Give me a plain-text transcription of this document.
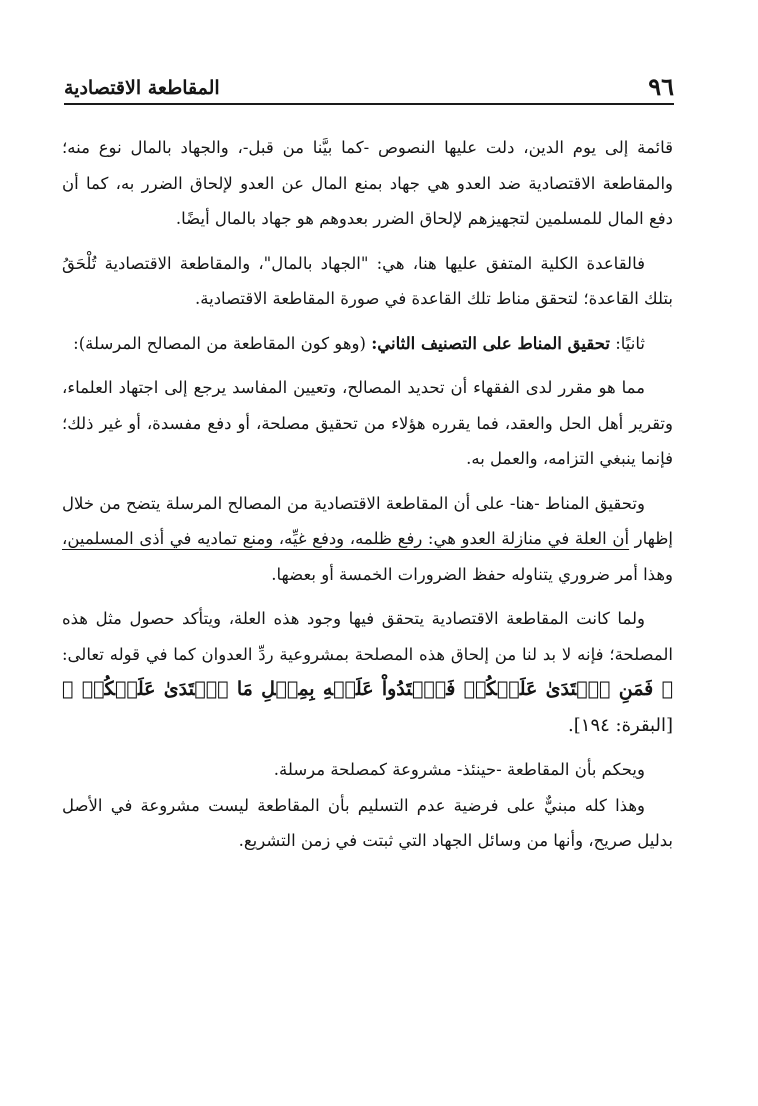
٩٦
المقاطعة الاقتصادية

قائمة إلى يوم الدين، دلت عليها النصوص -كما بيَّنا من قبل-، والجهاد بالمال نوع منه؛ والمقاطعة الاقتصادية ضد العدو هي جهاد بمنع المال عن العدو لإلحاق الضرر به، كما أن دفع المال للمسلمين لتجهيزهم لإلحاق الضرر بعدوهم هو جهاد بالمال أيضًا.

فالقاعدة الكلية المتفق عليها هنا، هي: "الجهاد بالمال"، والمقاطعة الاقتصادية تُلْحَقُ بتلك القاعدة؛ لتحقق مناط تلك القاعدة في صورة المقاطعة الاقتصادية.

ثانيًا: تحقيق المناط على التصنيف الثاني: (وهو كون المقاطعة من المصالح المرسلة):

مما هو مقرر لدى الفقهاء أن تحديد المصالح، وتعيين المفاسد يرجع إلى اجتهاد العلماء، وتقرير أهل الحل والعقد، فما يقرره هؤلاء من تحقيق مصلحة، أو دفع مفسدة، أو غير ذلك؛ فإنما ينبغي التزامه، والعمل به.

وتحقيق المناط -هنا- على أن المقاطعة الاقتصادية من المصالح المرسلة يتضح من خلال إظهار أن العلة في منازلة العدو هي: رفع ظلمه، ودفع غيِّه، ومنع تماديه في أذى المسلمين، وهذا أمر ضروري يتناوله حفظ الضرورات الخمسة أو بعضها.

ولما كانت المقاطعة الاقتصادية يتحقق فيها وجود هذه العلة، ويتأكد حصول مثل هذه المصلحة؛ فإنه لا بد لنا من إلحاق هذه المصلحة بمشروعية ردِّ العدوان كما في قوله تعالى: ﴿ فَمَنِ ٱعۡتَدَىٰ عَلَيۡكُمۡ فَٱعۡتَدُواْ عَلَيۡهِ بِمِثۡلِ مَا ٱعۡتَدَىٰ عَلَيۡكُمۡ ﴾ [البقرة: ١٩٤].

ويحكم بأن المقاطعة -حينئذ- مشروعة كمصلحة مرسلة.

وهذا كله مبنيٌّ على فرضية عدم التسليم بأن المقاطعة ليست مشروعة في الأصل بدليل صريح، وأنها من وسائل الجهاد التي ثبتت في زمن التشريع.
